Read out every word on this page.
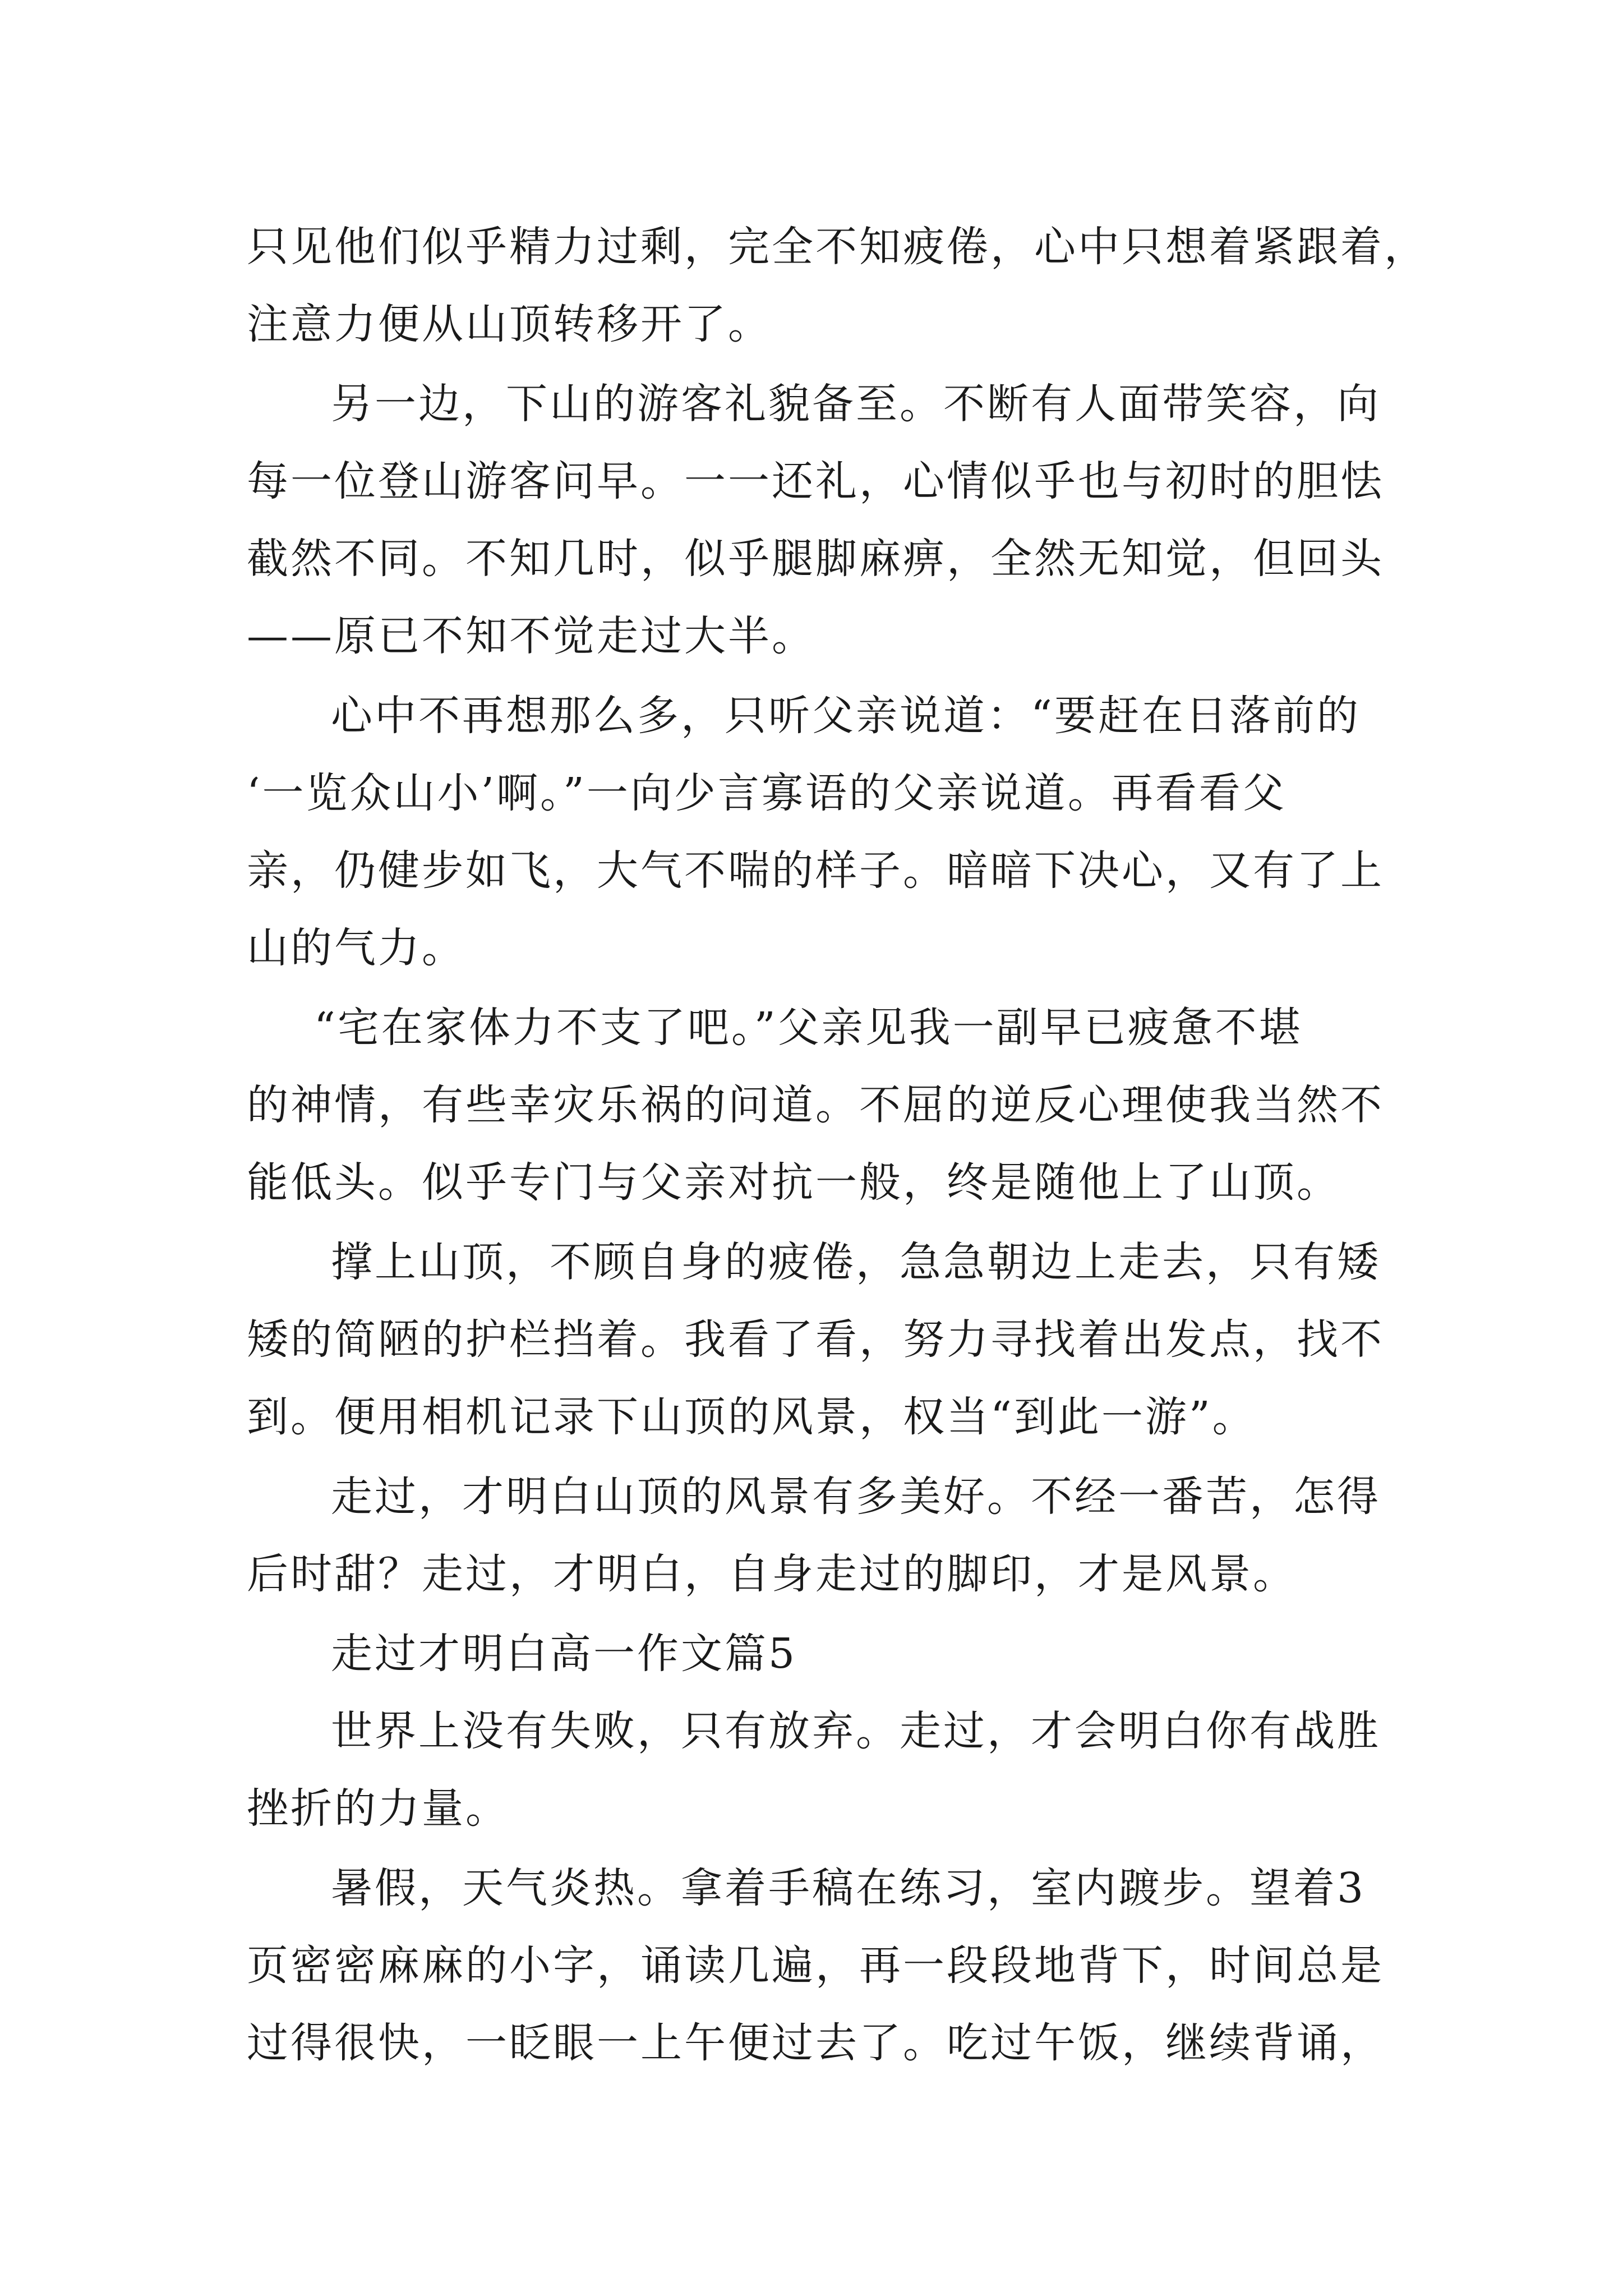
只见他们似乎精力过剩，完全不知疲倦，心中只想着紧跟着，
注意力便从山顶转移开了。
另一边，下山的游客礼貌备至。不断有人面带笑容，向
每一位登山游客问早。一一还礼，心情似乎也与初时的胆怯
截然不同。不知几时，似乎腿脚麻痹，全然无知觉，但回头
——原已不知不觉走过大半。
心中不再想那么多，只听父亲说道：“要赶在日落前的
‘一览众山小’啊。”一向少言寡语的父亲说道。再看看父
亲，仍健步如飞，大气不喘的样子。暗暗下决心，又有了上
山的气力。
“宅在家体力不支了吧。”父亲见我一副早已疲惫不堪
的神情，有些幸灾乐祸的问道。不屈的逆反心理使我当然不
能低头。似乎专门与父亲对抗一般，终是随他上了山顶。
撑上山顶，不顾自身的疲倦，急急朝边上走去，只有矮
矮的简陋的护栏挡着。我看了看，努力寻找着出发点，找不
到。便用相机记录下山顶的风景，权当“到此一游”。
走过，才明白山顶的风景有多美好。不经一番苦，怎得
后时甜？走过，才明白，自身走过的脚印，才是风景。
走过才明白高一作文篇5
世界上没有失败，只有放弃。走过，才会明白你有战胜
挫折的力量。
暑假，天气炎热。拿着手稿在练习，室内踱步。望着3
页密密麻麻的小字，诵读几遍，再一段段地背下，时间总是
过得很快，一眨眼一上午便过去了。吃过午饭，继续背诵，
